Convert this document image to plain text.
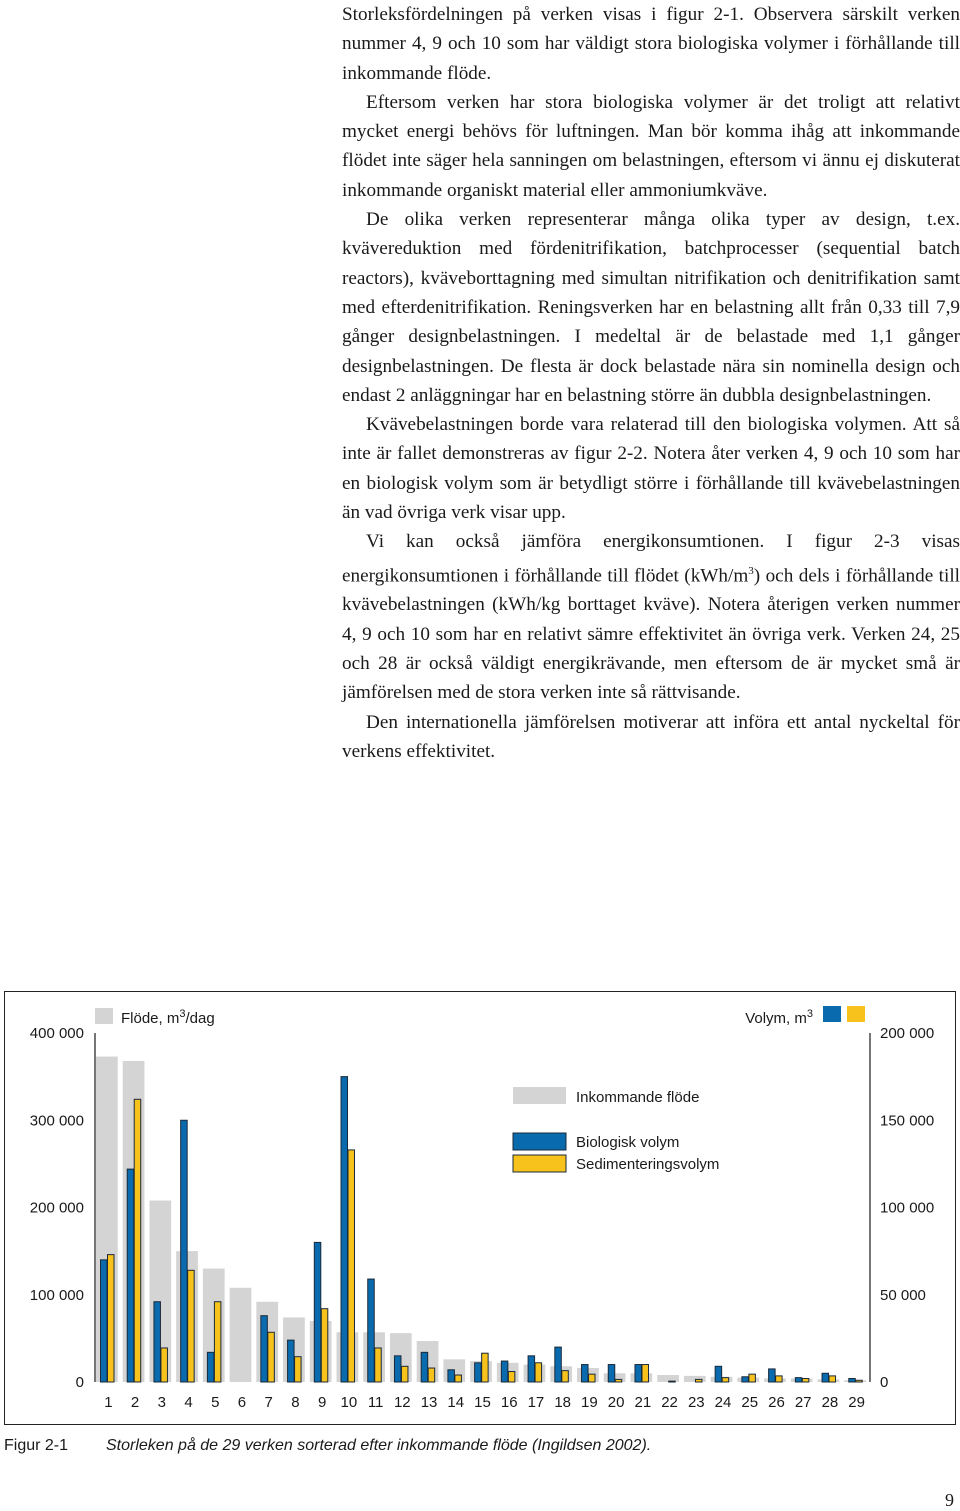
Storleksfördelningen på verken visas i figur 2-1. Observera särskilt verken nummer 4, 9 och 10 som har väldigt stora biologiska volymer i förhållande till inkommande flöde.

Eftersom verken har stora biologiska volymer är det troligt att relativt mycket energi behövs för luftningen. Man bör komma ihåg att inkommande flödet inte säger hela sanningen om belastningen, eftersom vi ännu ej diskuterat inkommande organiskt material eller ammoniumkväve.

De olika verken representerar många olika typer av design, t.ex. kvävereduktion med fördenitrifikation, batchprocesser (sequential batch reactors), kväveborttagning med simultan nitrifikation och denitrifikation samt med efterdenitrifikation. Reningsverken har en belastning allt från 0,33 till 7,9 gånger designbelastningen. I medeltal är de belastade med 1,1 gånger designbelastningen. De flesta är dock belastade nära sin nominella design och endast 2 anläggningar har en belastning större än dubbla designbelastningen.

Kvävebelastningen borde vara relaterad till den biologiska volymen. Att så inte är fallet demonstreras av figur 2-2. Notera åter verken 4, 9 och 10 som har en biologisk volym som är betydligt större i förhållande till kvävebelastningen än vad övriga verk visar upp.

Vi kan också jämföra energikonsumtionen. I figur 2-3 visas energikonsumtionen i förhållande till flödet $(kWh/m^3)$ och dels i förhållande till kvävebelastningen (kWh/kg borttaget kväve). Notera återigen verken nummer 4, 9 och 10 som har en relativt sämre effektivitet än övriga verk. Verken 24, 25 och 28 är också väldigt energikrävande, men eftersom de är mycket små är jämförelsen med de stora verken inte så rättvisande.

Den internationella jämförelsen motiverar att införa ett antal nyckeltal för verkens effektivitet.

Flöde, $m^3$/dag	Volym, $m^3$
1 2 3 4 5 6 7 8 9 10 11 12 13 14 15 16 17 18 19 20 21 22 23 24 25 26 27 28 29
0	0
100 000	50 000
200 000	100 000
300 000	150 000
400 000	200 000
Inkommande flöde
Biologisk volym
Sedimenteringsvolym
Figur 2-1 Storleken på de 29 verken sorterad efter inkommande flöde (Ingildsen 2002).
9
